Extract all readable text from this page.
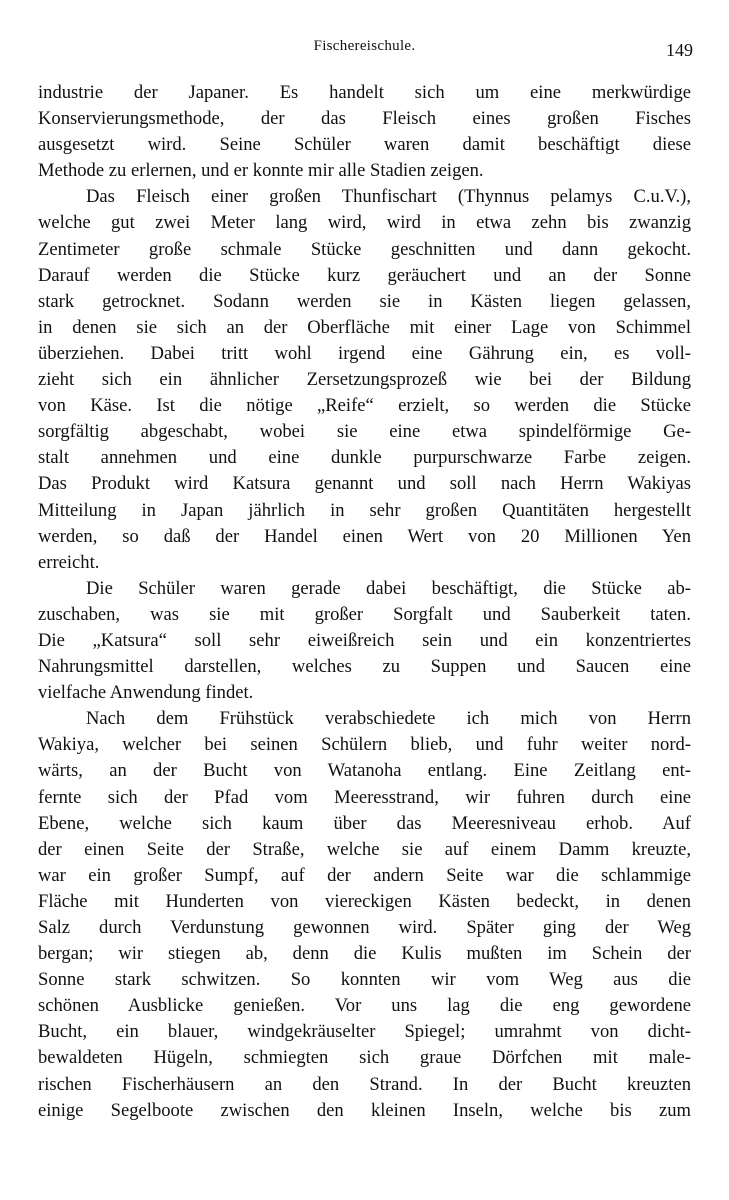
Fischereischule.	149
industrie der Japaner. Es handelt sich um eine merkwürdige
Konservierungsmethode, der das Fleisch eines großen Fisches
ausgesetzt wird. Seine Schüler waren damit beschäftigt diese
Methode zu erlernen, und er konnte mir alle Stadien zeigen.
Das Fleisch einer großen Thunfischart (Thynnus pelamys C.u.V.),
welche gut zwei Meter lang wird, wird in etwa zehn bis zwanzig
Zentimeter große schmale Stücke geschnitten und dann gekocht.
Darauf werden die Stücke kurz geräuchert und an der Sonne
stark getrocknet. Sodann werden sie in Kästen liegen gelassen,
in denen sie sich an der Oberfläche mit einer Lage von Schimmel
überziehen. Dabei tritt wohl irgend eine Gährung ein, es voll-
zieht sich ein ähnlicher Zersetzungsprozeß wie bei der Bildung
von Käse. Ist die nötige „Reife“ erzielt, so werden die Stücke
sorgfältig abgeschabt, wobei sie eine etwa spindelförmige Ge-
stalt annehmen und eine dunkle purpurschwarze Farbe zeigen.
Das Produkt wird Katsura genannt und soll nach Herrn Wakiyas
Mitteilung in Japan jährlich in sehr großen Quantitäten hergestellt
werden, so daß der Handel einen Wert von 20 Millionen Yen
erreicht.
Die Schüler waren gerade dabei beschäftigt, die Stücke ab-
zuschaben, was sie mit großer Sorgfalt und Sauberkeit taten.
Die „Katsura“ soll sehr eiweißreich sein und ein konzentriertes
Nahrungsmittel darstellen, welches zu Suppen und Saucen eine
vielfache Anwendung findet.
Nach dem Frühstück verabschiedete ich mich von Herrn
Wakiya, welcher bei seinen Schülern blieb, und fuhr weiter nord-
wärts, an der Bucht von Watanoha entlang. Eine Zeitlang ent-
fernte sich der Pfad vom Meeresstrand, wir fuhren durch eine
Ebene, welche sich kaum über das Meeresniveau erhob. Auf
der einen Seite der Straße, welche sie auf einem Damm kreuzte,
war ein großer Sumpf, auf der andern Seite war die schlammige
Fläche mit Hunderten von viereckigen Kästen bedeckt, in denen
Salz durch Verdunstung gewonnen wird. Später ging der Weg
bergan; wir stiegen ab, denn die Kulis mußten im Schein der
Sonne stark schwitzen. So konnten wir vom Weg aus die
schönen Ausblicke genießen. Vor uns lag die eng gewordene
Bucht, ein blauer, windgekräuselter Spiegel; umrahmt von dicht-
bewaldeten Hügeln, schmiegten sich graue Dörfchen mit male-
rischen Fischerhäusern an den Strand. In der Bucht kreuzten
einige Segelboote zwischen den kleinen Inseln, welche bis zum
